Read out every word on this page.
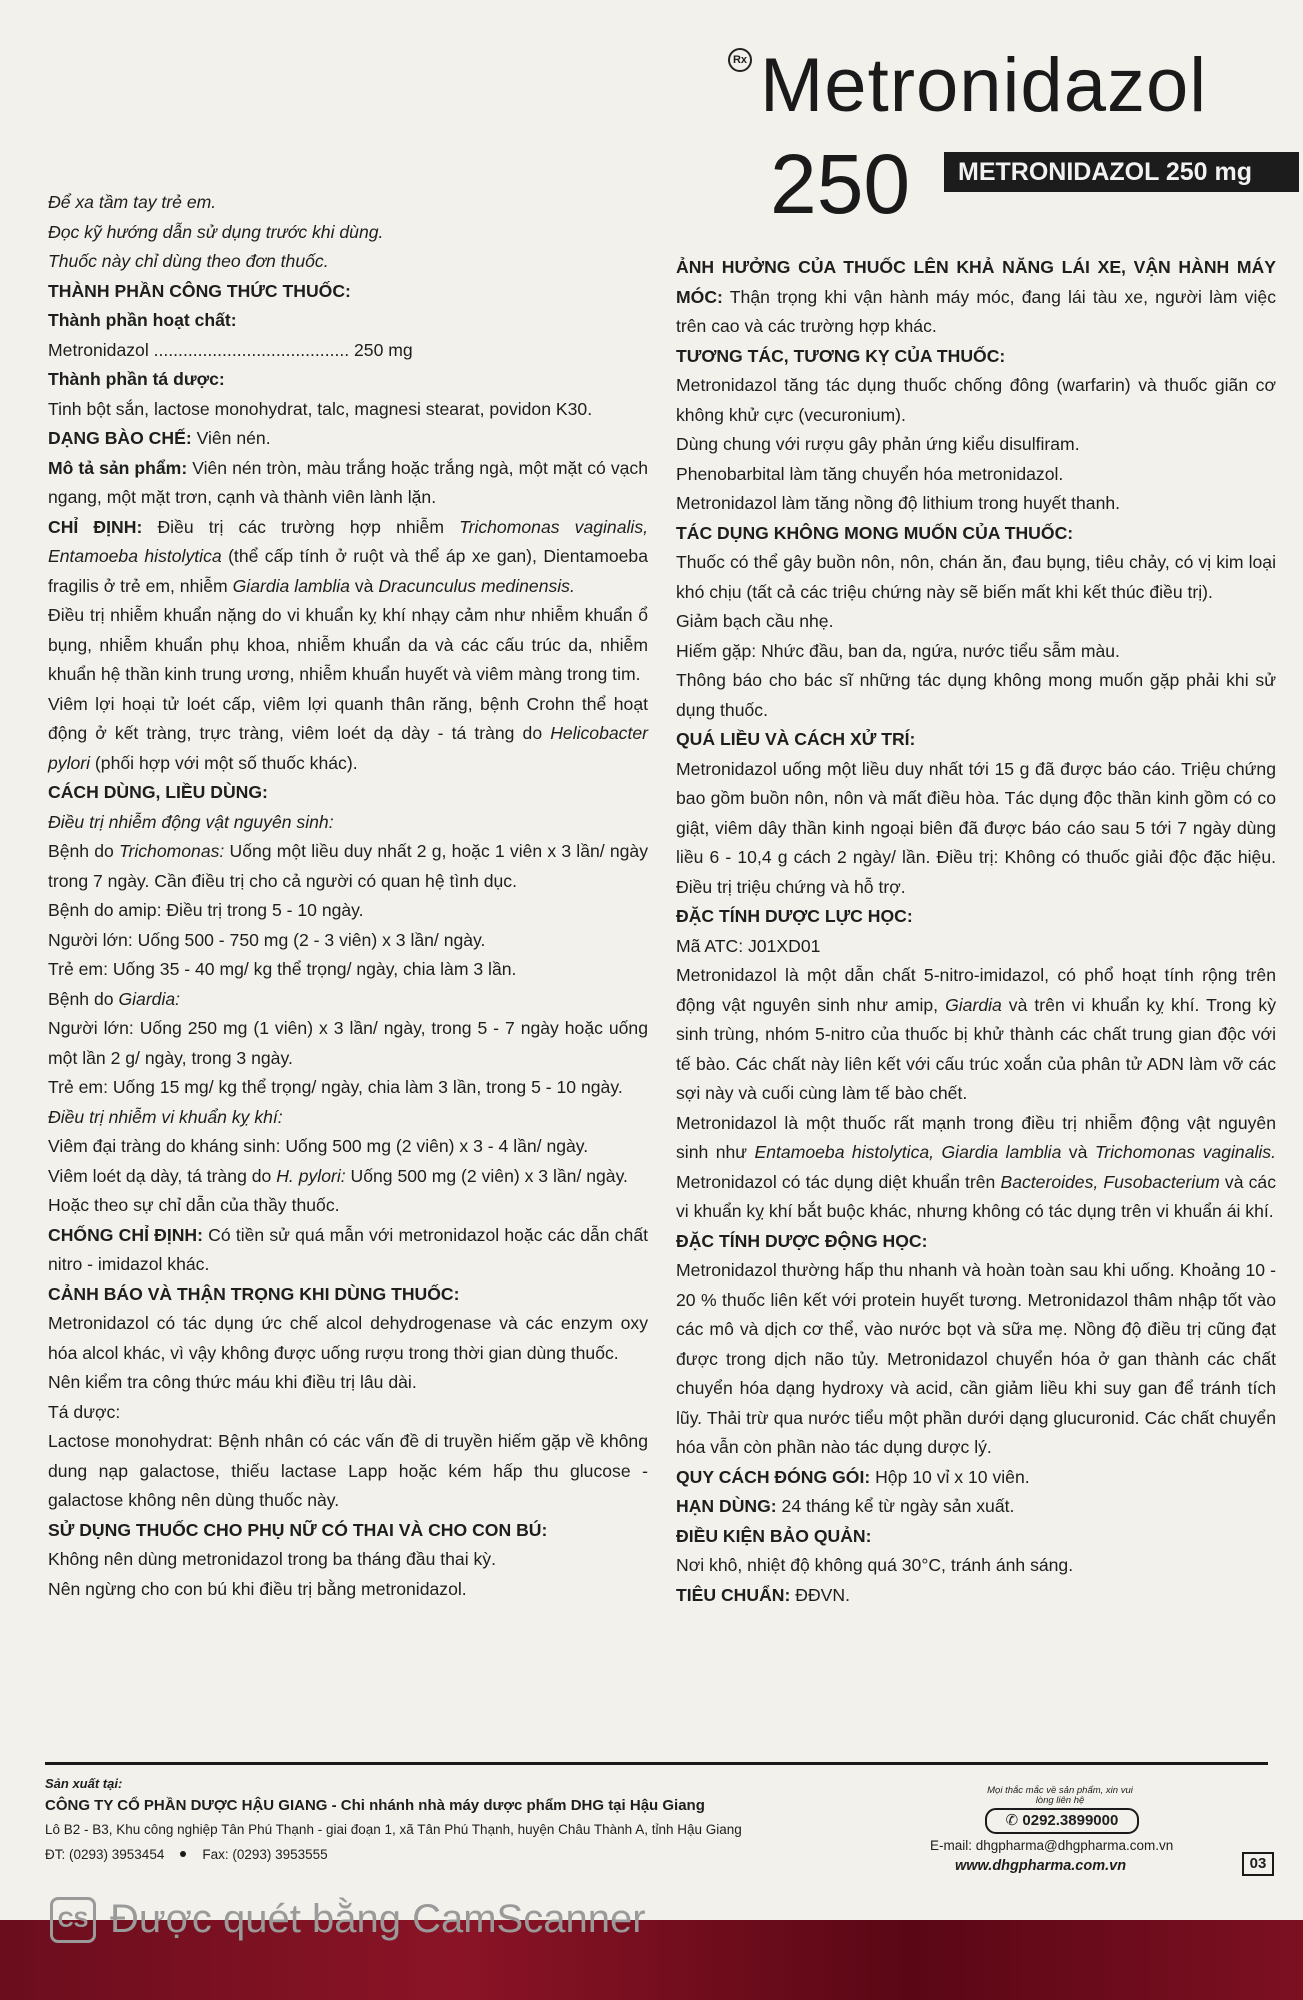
Rx Metronidazol
250	METRONIDAZOL 250 mg

Để xa tầm tay trẻ em.

Đọc kỹ hướng dẫn sử dụng trước khi dùng.

Thuốc này chỉ dùng theo đơn thuốc.

THÀNH PHẦN CÔNG THỨC THUỐC:

Thành phần hoạt chất:

Metronidazol ........................................ 250 mg

Thành phần tá dược:

Tinh bột sắn, lactose monohydrat, talc, magnesi stearat, povidon K30.

DẠNG BÀO CHẾ: Viên nén.

Mô tả sản phẩm: Viên nén tròn, màu trắng hoặc trắng ngà, một mặt có vạch ngang, một mặt trơn, cạnh và thành viên lành lặn.

CHỈ ĐỊNH: Điều trị các trường hợp nhiễm Trichomonas vaginalis, Entamoeba histolytica (thể cấp tính ở ruột và thể áp xe gan), Dientamoeba fragilis ở trẻ em, nhiễm Giardia lamblia và Dracunculus medinensis.

Điều trị nhiễm khuẩn nặng do vi khuẩn kỵ khí nhạy cảm như nhiễm khuẩn ổ bụng, nhiễm khuẩn phụ khoa, nhiễm khuẩn da và các cấu trúc da, nhiễm khuẩn hệ thần kinh trung ương, nhiễm khuẩn huyết và viêm màng trong tim.

Viêm lợi hoại tử loét cấp, viêm lợi quanh thân răng, bệnh Crohn thể hoạt động ở kết tràng, trực tràng, viêm loét dạ dày - tá tràng do Helicobacter pylori (phối hợp với một số thuốc khác).

CÁCH DÙNG, LIỀU DÙNG:

Điều trị nhiễm động vật nguyên sinh:

Bệnh do Trichomonas: Uống một liều duy nhất 2 g, hoặc 1 viên x 3 lần/ ngày trong 7 ngày. Cần điều trị cho cả người có quan hệ tình dục.

Bệnh do amip: Điều trị trong 5 - 10 ngày.

Người lớn: Uống 500 - 750 mg (2 - 3 viên) x 3 lần/ ngày.

Trẻ em: Uống 35 - 40 mg/ kg thể trọng/ ngày, chia làm 3 lần.

Bệnh do Giardia:

Người lớn: Uống 250 mg (1 viên) x 3 lần/ ngày, trong 5 - 7 ngày hoặc uống một lần 2 g/ ngày, trong 3 ngày.

Trẻ em: Uống 15 mg/ kg thể trọng/ ngày, chia làm 3 lần, trong 5 - 10 ngày.

Điều trị nhiễm vi khuẩn kỵ khí:

Viêm đại tràng do kháng sinh: Uống 500 mg (2 viên) x 3 - 4 lần/ ngày.

Viêm loét dạ dày, tá tràng do H. pylori: Uống 500 mg (2 viên) x 3 lần/ ngày.

Hoặc theo sự chỉ dẫn của thầy thuốc.

CHỐNG CHỈ ĐỊNH: Có tiền sử quá mẫn với metronidazol hoặc các dẫn chất nitro - imidazol khác.

CẢNH BÁO VÀ THẬN TRỌNG KHI DÙNG THUỐC:

Metronidazol có tác dụng ức chế alcol dehydrogenase và các enzym oxy hóa alcol khác, vì vậy không được uống rượu trong thời gian dùng thuốc.

Nên kiểm tra công thức máu khi điều trị lâu dài.

Tá dược:

Lactose monohydrat: Bệnh nhân có các vấn đề di truyền hiếm gặp về không dung nạp galactose, thiếu lactase Lapp hoặc kém hấp thu glucose - galactose không nên dùng thuốc này.

SỬ DỤNG THUỐC CHO PHỤ NỮ CÓ THAI VÀ CHO CON BÚ:

Không nên dùng metronidazol trong ba tháng đầu thai kỳ.

Nên ngừng cho con bú khi điều trị bằng metronidazol.

ẢNH HƯỞNG CỦA THUỐC LÊN KHẢ NĂNG LÁI XE, VẬN HÀNH MÁY MÓC: Thận trọng khi vận hành máy móc, đang lái tàu xe, người làm việc trên cao và các trường hợp khác.

TƯƠNG TÁC, TƯƠNG KỴ CỦA THUỐC:

Metronidazol tăng tác dụng thuốc chống đông (warfarin) và thuốc giãn cơ không khử cực (vecuronium).

Dùng chung với rượu gây phản ứng kiểu disulfiram.

Phenobarbital làm tăng chuyển hóa metronidazol.

Metronidazol làm tăng nồng độ lithium trong huyết thanh.

TÁC DỤNG KHÔNG MONG MUỐN CỦA THUỐC:

Thuốc có thể gây buồn nôn, nôn, chán ăn, đau bụng, tiêu chảy, có vị kim loại khó chịu (tất cả các triệu chứng này sẽ biến mất khi kết thúc điều trị).

Giảm bạch cầu nhẹ.

Hiếm gặp: Nhức đầu, ban da, ngứa, nước tiểu sẫm màu.

Thông báo cho bác sĩ những tác dụng không mong muốn gặp phải khi sử dụng thuốc.

QUÁ LIỀU VÀ CÁCH XỬ TRÍ:

Metronidazol uống một liều duy nhất tới 15 g đã được báo cáo. Triệu chứng bao gồm buồn nôn, nôn và mất điều hòa. Tác dụng độc thần kinh gồm có co giật, viêm dây thần kinh ngoại biên đã được báo cáo sau 5 tới 7 ngày dùng liều 6 - 10,4 g cách 2 ngày/ lần. Điều trị: Không có thuốc giải độc đặc hiệu. Điều trị triệu chứng và hỗ trợ.

ĐẶC TÍNH DƯỢC LỰC HỌC:

Mã ATC: J01XD01

Metronidazol là một dẫn chất 5-nitro-imidazol, có phổ hoạt tính rộng trên động vật nguyên sinh như amip, Giardia và trên vi khuẩn kỵ khí. Trong kỳ sinh trùng, nhóm 5-nitro của thuốc bị khử thành các chất trung gian độc với tế bào. Các chất này liên kết với cấu trúc xoắn của phân tử ADN làm vỡ các sợi này và cuối cùng làm tế bào chết.

Metronidazol là một thuốc rất mạnh trong điều trị nhiễm động vật nguyên sinh như Entamoeba histolytica, Giardia lamblia và Trichomonas vaginalis. Metronidazol có tác dụng diệt khuẩn trên Bacteroides, Fusobacterium và các vi khuẩn kỵ khí bắt buộc khác, nhưng không có tác dụng trên vi khuẩn ái khí.

ĐẶC TÍNH DƯỢC ĐỘNG HỌC:

Metronidazol thường hấp thu nhanh và hoàn toàn sau khi uống. Khoảng 10 - 20 % thuốc liên kết với protein huyết tương. Metronidazol thâm nhập tốt vào các mô và dịch cơ thể, vào nước bọt và sữa mẹ. Nồng độ điều trị cũng đạt được trong dịch não tủy. Metronidazol chuyển hóa ở gan thành các chất chuyển hóa dạng hydroxy và acid, cần giảm liều khi suy gan để tránh tích lũy. Thải trừ qua nước tiểu một phần dưới dạng glucuronid. Các chất chuyển hóa vẫn còn phần nào tác dụng dược lý.

QUY CÁCH ĐÓNG GÓI: Hộp 10 vỉ x 10 viên.

HẠN DÙNG: 24 tháng kể từ ngày sản xuất.

ĐIỀU KIỆN BẢO QUẢN:

Nơi khô, nhiệt độ không quá 30°C, tránh ánh sáng.

TIÊU CHUẨN: ĐĐVN.

Sản xuất tại:
CÔNG TY CỔ PHẦN DƯỢC HẬU GIANG - Chi nhánh nhà máy dược phẩm DHG tại Hậu Giang
Lô B2 - B3, Khu công nghiệp Tân Phú Thạnh - giai đoạn 1, xã Tân Phú Thạnh, huyện Châu Thành A, tỉnh Hậu Giang
ĐT: (0293) 3953454	Fax: (0293) 3953555
Mọi thắc mắc về sản phẩm, xin vui lòng liên hệ
✆ 0292.3899000
E-mail: dhgpharma@dhgpharma.com.vn
www.dhgpharma.com.vn	03
CS Được quét bằng CamScanner
